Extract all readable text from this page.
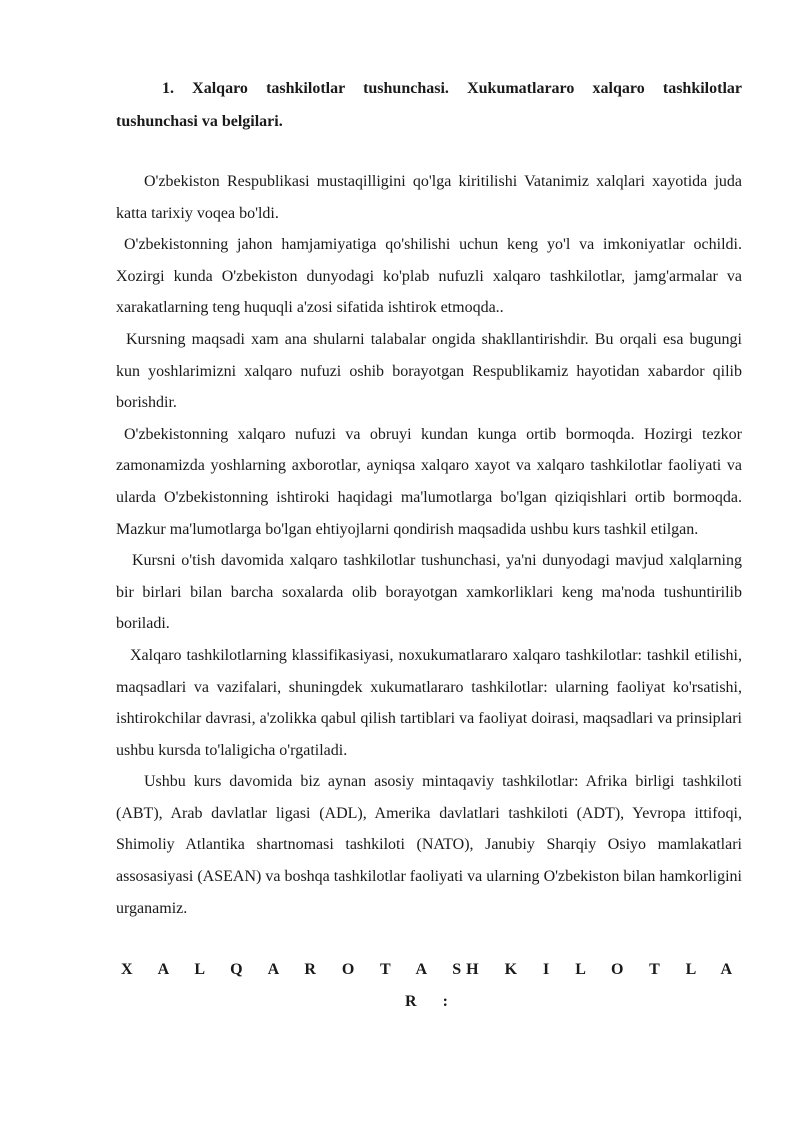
1. Xalqaro tashkilotlar tushunchasi. Xukumatlararo xalqaro tashkilotlar tushunchasi va belgilari.

O'zbekiston Respublikasi mustaqilligini qo'lga kiritilishi Vatanimiz xalqlari xayotida juda katta tarixiy voqea bo'ldi.

O'zbekistonning jahon hamjamiyatiga qo'shilishi uchun keng yo'l va imkoniyatlar ochildi. Xozirgi kunda O'zbekiston dunyodagi ko'plab nufuzli xalqaro tashkilotlar, jamg'armalar va xarakatlarning teng huquqli a'zosi sifatida ishtirok etmoqda..

Kursning maqsadi xam ana shularni talabalar ongida shakllantirishdir. Bu orqali esa bugungi kun yoshlarimizni xalqaro nufuzi oshib borayotgan Respublikamiz hayotidan xabardor qilib borishdir.

O'zbekistonning xalqaro nufuzi va obruyi kundan kunga ortib bormoqda. Hozirgi tezkor zamonamizda yoshlarning axborotlar, ayniqsa xalqaro xayot va xalqaro tashkilotlar faoliyati va ularda O'zbekistonning ishtiroki haqidagi ma'lumotlarga bo'lgan qiziqishlari ortib bormoqda. Mazkur ma'lumotlarga bo'lgan ehtiyojlarni qondirish maqsadida ushbu kurs tashkil etilgan.

Kursni o'tish davomida xalqaro tashkilotlar tushunchasi, ya'ni dunyodagi mavjud xalqlarning bir birlari bilan barcha soxalarda olib borayotgan xamkorliklari keng ma'noda tushuntirilib boriladi.

Xalqaro tashkilotlarning klassifikasiyasi, noxukumatlararo xalqaro tashkilotlar: tashkil etilishi, maqsadlari va vazifalari, shuningdek xukumatlararo tashkilotlar: ularning faoliyat ko'rsatishi, ishtirokchilar davrasi, a'zolikka qabul qilish tartiblari va faoliyat doirasi, maqsadlari va prinsiplari ushbu kursda to'laligicha o'rgatiladi.

Ushbu kurs davomida biz aynan asosiy mintaqaviy tashkilotlar: Afrika birligi tashkiloti (ABT), Arab davlatlar ligasi (ADL), Amerika davlatlari tashkiloti (ADT), Yevropa ittifoqi, Shimoliy Atlantika shartnomasi tashkiloti (NATO), Janubiy Sharqiy Osiyo mamlakatlari assosasiyasi (ASEAN) va boshqa tashkilotlar faoliyati va ularning O'zbekiston bilan hamkorligini urganamiz.

X A L Q A R O T A SH K I L O T L A R :
